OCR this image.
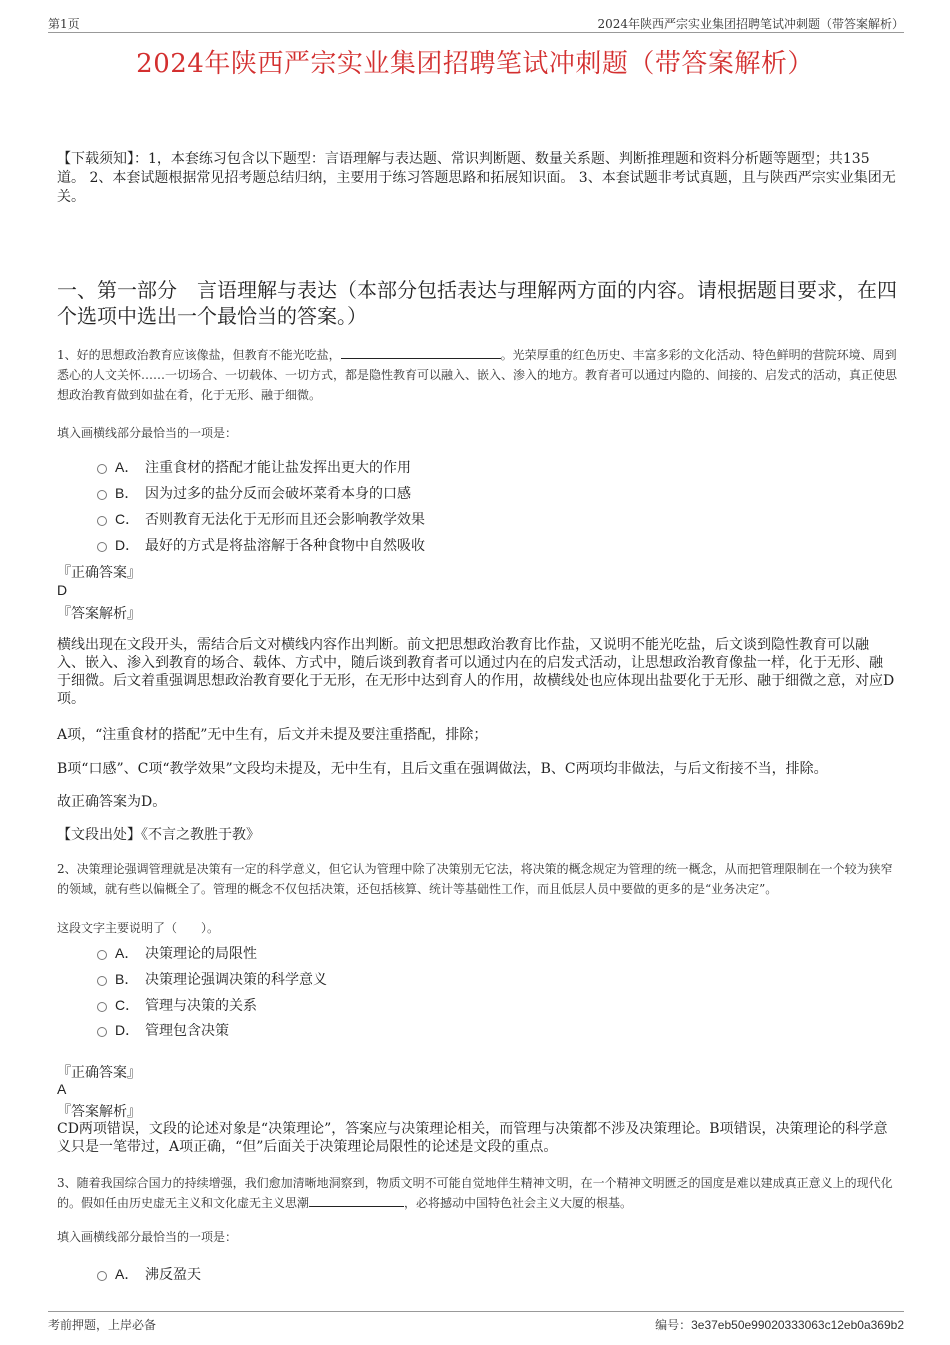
第1页	2024年陕西严宗实业集团招聘笔试冲刺题（带答案解析）
2024年陕西严宗实业集团招聘笔试冲刺题（带答案解析）
【下载须知】：1，本套练习包含以下题型：言语理解与表达题、常识判断题、数量关系题、判断推理题和资料分析题等题型；共135道。 2、本套试题根据常见招考题总结归纳，主要用于练习答题思路和拓展知识面。 3、本套试题非考试真题，且与陕西严宗实业集团无关。
一、第一部分　言语理解与表达（本部分包括表达与理解两方面的内容。请根据题目要求，在四个选项中选出一个最恰当的答案。）
1、好的思想政治教育应该像盐，但教育不能光吃盐，	。光荣厚重的红色历史、丰富多彩的文化活动、特色鲜明的营院环境、周到悉心的人文关怀……一切场合、一切载体、一切方式，都是隐性教育可以融入、嵌入、渗入的地方。教育者可以通过内隐的、间接的、启发式的活动，真正使思想政治教育做到如盐在肴，化于无形、融于细微。
填入画横线部分最恰当的一项是：
A． 注重食材的搭配才能让盐发挥出更大的作用
B． 因为过多的盐分反而会破坏菜肴本身的口感
C． 否则教育无法化于无形而且还会影响教学效果
D． 最好的方式是将盐溶解于各种食物中自然吸收
『正确答案』
D
『答案解析』
横线出现在文段开头，需结合后文对横线内容作出判断。前文把思想政治教育比作盐，又说明不能光吃盐，后文谈到隐性教育可以融入、嵌入、渗入到教育的场合、载体、方式中，随后谈到教育者可以通过内在的启发式活动，让思想政治教育像盐一样，化于无形、融于细微。后文着重强调思想政治教育要化于无形，在无形中达到育人的作用，故横线处也应体现出盐要化于无形、融于细微之意，对应D项。
A项，“注重食材的搭配”无中生有，后文并未提及要注重搭配，排除；
B项“口感”、C项“教学效果”文段均未提及，无中生有，且后文重在强调做法，B、C两项均非做法，与后文衔接不当，排除。
故正确答案为D。
【文段出处】《不言之教胜于教》
2、决策理论强调管理就是决策有一定的科学意义，但它认为管理中除了决策别无它法，将决策的概念规定为管理的统一概念，从而把管理限制在一个较为狭窄的领域，就有些以偏概全了。管理的概念不仅包括决策，还包括核算、统计等基础性工作，而且低层人员中要做的更多的是“业务决定”。
这段文字主要说明了（　　）。
A． 决策理论的局限性
B． 决策理论强调决策的科学意义
C． 管理与决策的关系
D． 管理包含决策
『正确答案』
A
『答案解析』
CD两项错误，文段的论述对象是“决策理论”，答案应与决策理论相关，而管理与决策都不涉及决策理论。B项错误，决策理论的科学意义只是一笔带过，A项正确，“但”后面关于决策理论局限性的论述是文段的重点。
3、随着我国综合国力的持续增强，我们愈加清晰地洞察到，物质文明不可能自觉地伴生精神文明，在一个精神文明匮乏的国度是难以建成真正意义上的现代化的。假如任由历史虚无主义和文化虚无主义思潮	，必将撼动中国特色社会主义大厦的根基。
填入画横线部分最恰当的一项是：
A． 沸反盈天
考前押题，上岸必备	编号：3e37eb50e99020333063c12eb0a369b2
